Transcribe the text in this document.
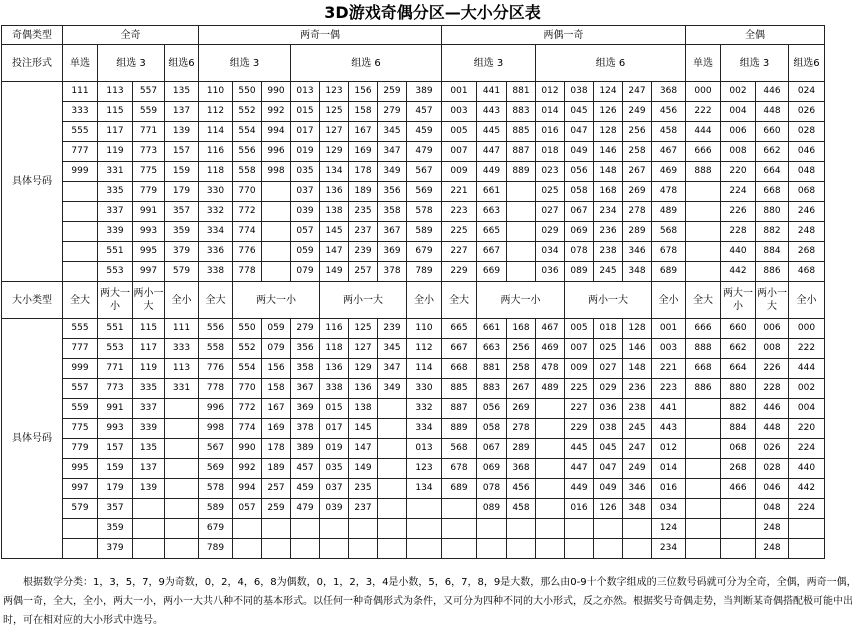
3D游戏奇偶分区—大小分区表
奇偶类型	全奇				两奇一偶								两偶一奇								全偶			
投注形式	单选	组选 3		组选6	组选 3			组选 6					组选 3			组选 6					单选	组选 3		组选6
具体号码	111	113	557	135	110	550	990	013	123	156	259	389	001	441	881	012	038	124	247	368	000	002	446	024
	333	115	559	137	112	552	992	015	125	158	279	457	003	443	883	014	045	126	249	456	222	004	448	026
	555	117	771	139	114	554	994	017	127	167	345	459	005	445	885	016	047	128	256	458	444	006	660	028
	777	119	773	157	116	556	996	019	129	169	347	479	007	447	887	018	049	146	258	467	666	008	662	046
	999	331	775	159	118	558	998	035	134	178	349	567	009	449	889	023	056	148	267	469	888	220	664	048
		335	779	179	330	770		037	136	189	356	569	221	661		025	058	168	269	478		224	668	068
		337	991	357	332	772		039	138	235	358	578	223	663		027	067	234	278	489		226	880	246
		339	993	359	334	774		057	145	237	367	589	225	665		029	069	236	289	568		228	882	248
		551	995	379	336	776		059	147	239	369	679	227	667		034	078	238	346	678		440	884	268
		553	997	579	338	778		079	149	257	378	789	229	669		036	089	245	348	689		442	886	468
大小类型	全大	两大一小	两小一大	全小	全大	两大一小			两小一大			全小	全大	两大一小			两小一大			全小	全大	两大一小	两小一大	全小
具体号码	555	551	115	111	556	550	059	279	116	125	239	110	665	661	168	467	005	018	128	001	666	660	006	000
	777	553	117	333	558	552	079	356	118	127	345	112	667	663	256	469	007	025	146	003	888	662	008	222
	999	771	119	113	776	554	156	358	136	129	347	114	668	881	258	478	009	027	148	221	668	664	226	444
	557	773	335	331	778	770	158	367	338	136	349	330	885	883	267	489	225	029	236	223	886	880	228	002
	559	991	337		996	772	167	369	015	138		332	887	056	269		227	036	238	441		882	446	004
	775	993	339		998	774	169	378	017	145		334	889	058	278		229	038	245	443		884	448	220
	779	157	135		567	990	178	389	019	147		013	568	067	289		445	045	247	012		068	026	224
	995	159	137		569	992	189	457	035	149		123	678	069	368		447	047	249	014		268	028	440
	997	179	139		578	994	257	459	037	235		134	689	078	456		449	049	346	016		466	046	442
	579	357			589	057	259	479	039	237				089	458		016	126	348	034			048	224
		359			679															124			248	
		379			789															234			248	
根据数学分类：1，3，5，7，9为奇数，0，2，4，6，8为偶数，0，1，2，3，4是小数，5，6，7，8，9是大数，那么由0-9十个数字组成的三位数号码就可分为全奇，全偶，两奇一偶，两偶一奇，全大，全小，两大一小，两小一大共八种不同的基本形式。以任何一种奇偶形式为条件，又可分为四种不同的大小形式，反之亦然。根据奖号奇偶走势，当判断某奇偶搭配极可能中出时，可在相对应的大小形式中选号。
